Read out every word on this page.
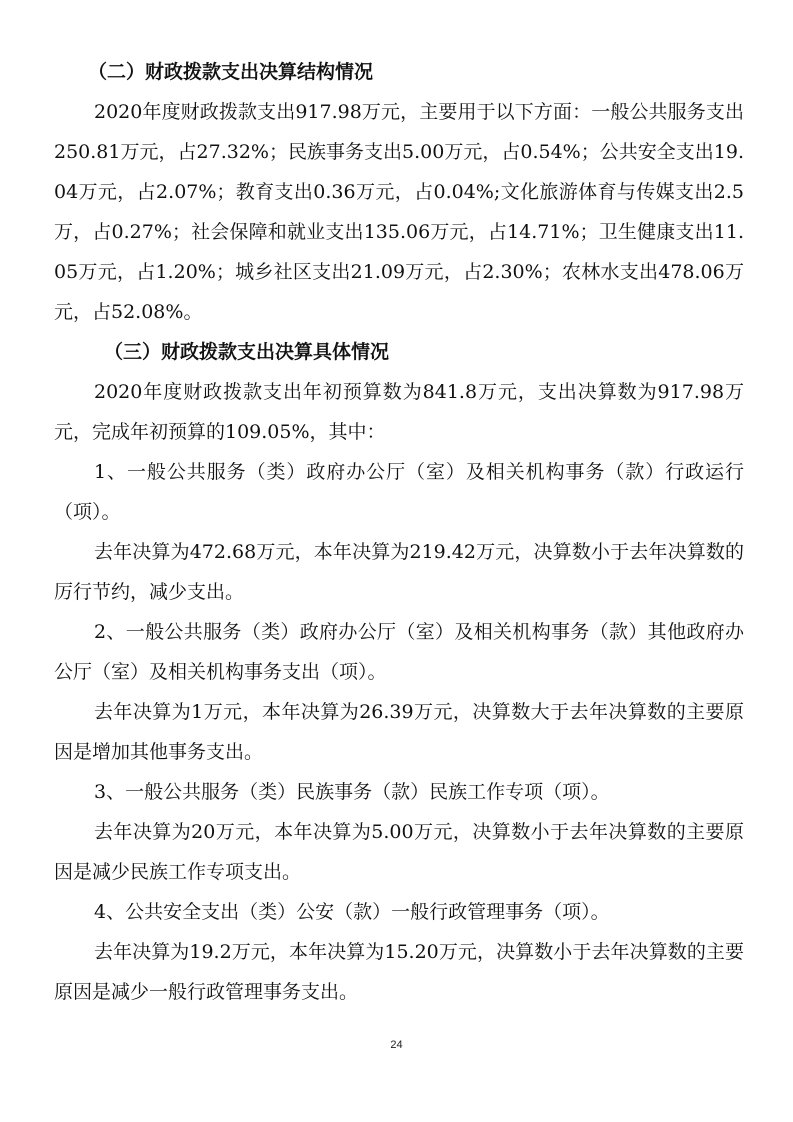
（二）财政拨款支出决算结构情况

2020年度财政拨款支出917.98万元，主要用于以下方面：一般公共服务支出250.81万元，占27.32%；民族事务支出5.00万元，占0.54%；公共安全支出19.04万元，占2.07%；教育支出0.36万元，占0.04%;文化旅游体育与传媒支出2.5万，占0.27%；社会保障和就业支出135.06万元，占14.71%；卫生健康支出11.05万元，占1.20%；城乡社区支出21.09万元，占2.30%；农林水支出478.06万元，占52.08%。

（三）财政拨款支出决算具体情况

2020年度财政拨款支出年初预算数为841.8万元，支出决算数为917.98万元，完成年初预算的109.05%，其中：

1、一般公共服务（类）政府办公厅（室）及相关机构事务（款）行政运行（项）。

去年决算为472.68万元，本年决算为219.42万元，决算数小于去年决算数的厉行节约，减少支出。

2、一般公共服务（类）政府办公厅（室）及相关机构事务（款）其他政府办公厅（室）及相关机构事务支出（项）。

去年决算为1万元，本年决算为26.39万元，决算数大于去年决算数的主要原因是增加其他事务支出。

3、一般公共服务（类）民族事务（款）民族工作专项（项）。

去年决算为20万元，本年决算为5.00万元，决算数小于去年决算数的主要原因是减少民族工作专项支出。

4、公共安全支出（类）公安（款）一般行政管理事务（项）。

去年决算为19.2万元，本年决算为15.20万元，决算数小于去年决算数的主要原因是减少一般行政管理事务支出。

24
